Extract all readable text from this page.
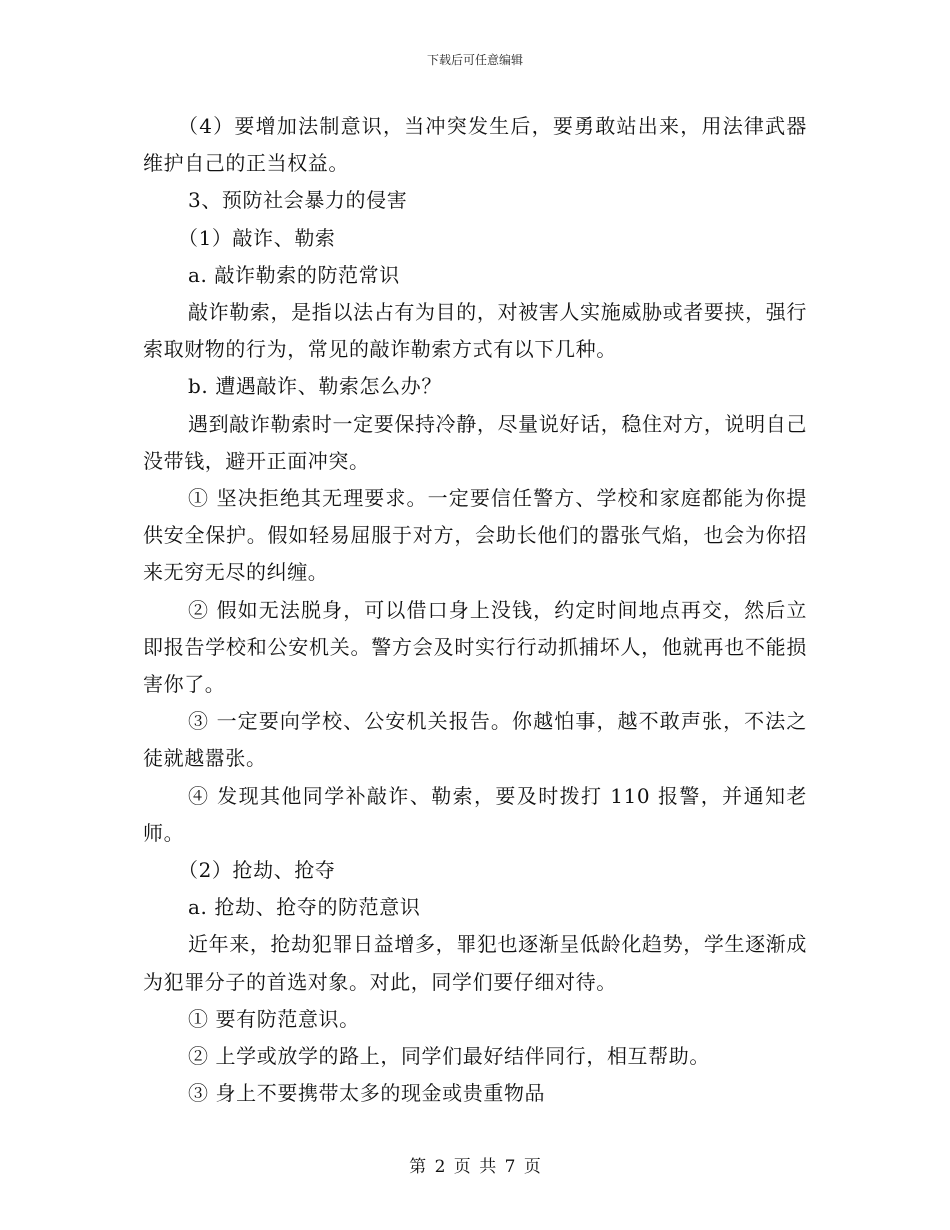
下载后可任意编辑

（4）要增加法制意识，当冲突发生后，要勇敢站出来，用法律武器维护自己的正当权益。

3、预防社会暴力的侵害

（1）敲诈、勒索

a. 敲诈勒索的防范常识

敲诈勒索，是指以法占有为目的，对被害人实施威胁或者要挟，强行索取财物的行为，常见的敲诈勒索方式有以下几种。

b. 遭遇敲诈、勒索怎么办？

遇到敲诈勒索时一定要保持冷静，尽量说好话，稳住对方，说明自己没带钱，避开正面冲突。

① 坚决拒绝其无理要求。一定要信任警方、学校和家庭都能为你提供安全保护。假如轻易屈服于对方，会助长他们的嚣张气焰，也会为你招来无穷无尽的纠缠。

② 假如无法脱身，可以借口身上没钱，约定时间地点再交，然后立即报告学校和公安机关。警方会及时实行行动抓捕坏人，他就再也不能损害你了。

③ 一定要向学校、公安机关报告。你越怕事，越不敢声张，不法之徒就越嚣张。

④ 发现其他同学补敲诈、勒索，要及时拨打 110 报警，并通知老师。

（2）抢劫、抢夺

a. 抢劫、抢夺的防范意识

近年来，抢劫犯罪日益增多，罪犯也逐渐呈低龄化趋势，学生逐渐成为犯罪分子的首选对象。对此，同学们要仔细对待。

① 要有防范意识。

② 上学或放学的路上，同学们最好结伴同行，相互帮助。

③ 身上不要携带太多的现金或贵重物品

第 2 页 共 7 页
